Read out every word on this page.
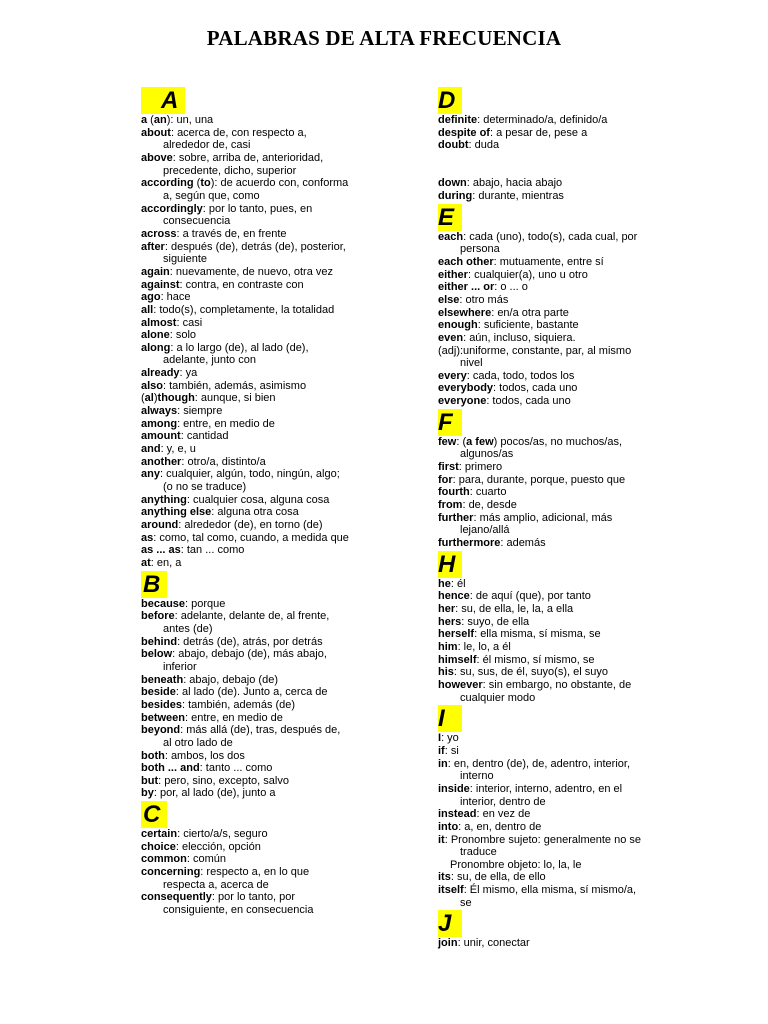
PALABRAS DE ALTA FRECUENCIA
A
a (an): un, una
about: acerca de, con respecto a,
alrededor de, casi
above: sobre, arriba de, anterioridad,
precedente, dicho, superior
according (to): de acuerdo con, conforma
a, según que, como
accordingly: por lo tanto, pues, en
consecuencia
across: a través de, en frente
after: después (de), detrás (de), posterior,
siguiente
again: nuevamente, de nuevo, otra vez
against: contra, en contraste con
ago: hace
all: todo(s), completamente, la totalidad
almost: casi
alone: solo
along: a lo largo (de), al lado (de),
adelante, junto con
already: ya
also: también, además, asimismo
(al)though: aunque, si bien
always: siempre
among: entre, en medio de
amount: cantidad
and: y, e, u
another: otro/a, distinto/a
any: cualquier, algún, todo, ningún, algo;
(o no se traduce)
anything: cualquier cosa, alguna cosa
anything else: alguna otra cosa
around: alrededor (de), en torno (de)
as: como, tal como, cuando, a medida que
as ... as: tan ... como
at: en, a
B
because: porque
before: adelante, delante de, al frente,
antes (de)
behind: detrás (de), atrás, por detrás
below: abajo, debajo (de), más abajo,
inferior
beneath: abajo, debajo (de)
beside: al lado (de). Junto a, cerca de
besides: también, además (de)
between: entre, en medio de
beyond: más allá (de), tras, después de,
al otro lado de
both: ambos, los dos
both ... and: tanto ... como
but: pero, sino, excepto, salvo
by: por, al lado (de), junto a
C
certain: cierto/a/s, seguro
choice: elección, opción
common: común
concerning: respecto a, en lo que
respecta a, acerca de
consequently: por lo tanto, por
consiguiente, en consecuencia
D
definite: determinado/a, definido/a
despite of: a pesar de, pese a
doubt: duda

down: abajo, hacia abajo
during: durante, mientras
E
each: cada (uno), todo(s), cada cual, por
persona
each other: mutuamente, entre sí
either: cualquier(a), uno u otro
either ... or: o ... o
else: otro más
elsewhere: en/a otra parte
enough: suficiente, bastante
even: aún, incluso, siquiera.
(adj):uniforme, constante, par, al mismo
nivel
every: cada, todo, todos los
everybody: todos, cada uno
everyone: todos, cada uno
F
few: (a few) pocos/as, no muchos/as,
algunos/as
first: primero
for: para, durante, porque, puesto que
fourth: cuarto
from: de, desde
further: más amplio, adicional, más
lejano/allá
furthermore: además
H
he: él
hence: de aquí (que), por tanto
her: su, de ella, le, la, a ella
hers: suyo, de ella
herself: ella misma, sí misma, se
him: le, lo, a él
himself: él mismo, sí mismo, se
his: su, sus, de él, suyo(s), el suyo
however: sin embargo, no obstante, de
cualquier modo
I
I: yo
if: si
in: en, dentro (de), de, adentro, interior,
interno
inside: interior, interno, adentro, en el
interior, dentro de
instead: en vez de
into: a, en, dentro de
it: Pronombre sujeto: generalmente no se
traduce
Pronombre objeto: lo, la, le
its: su, de ella, de ello
itself: Él mismo, ella misma, sí mismo/a,
se
J
join: unir, conectar
